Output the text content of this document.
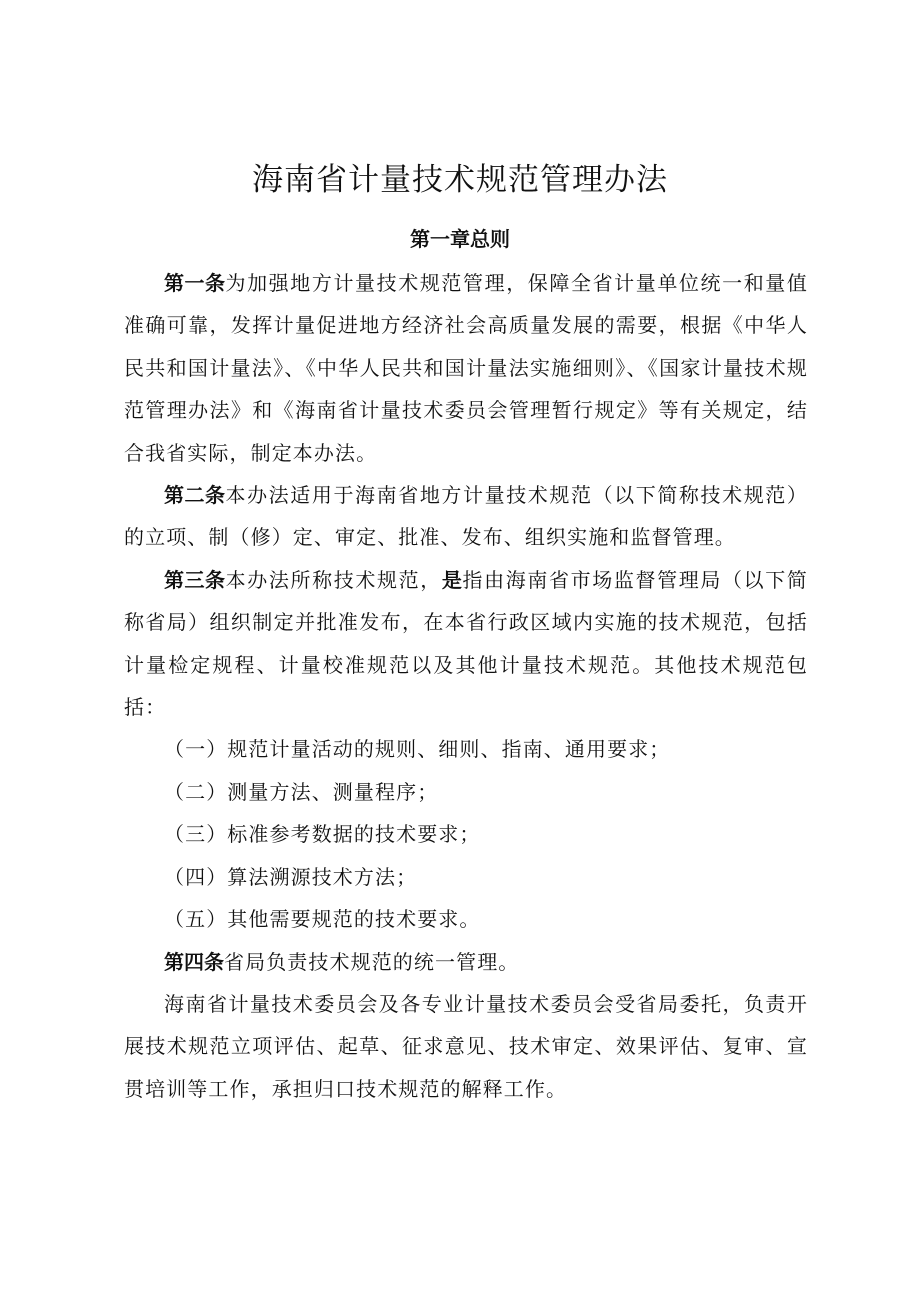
海南省计量技术规范管理办法
第一章总则

第一条为加强地方计量技术规范管理，保障全省计量单位统一和量值准确可靠，发挥计量促进地方经济社会高质量发展的需要，根据《中华人民共和国计量法》、《中华人民共和国计量法实施细则》、《国家计量技术规范管理办法》和《海南省计量技术委员会管理暂行规定》等有关规定，结合我省实际，制定本办法。

第二条本办法适用于海南省地方计量技术规范（以下简称技术规范）的立项、制（修）定、审定、批准、发布、组织实施和监督管理。

第三条本办法所称技术规范，是指由海南省市场监督管理局（以下简称省局）组织制定并批准发布，在本省行政区域内实施的技术规范，包括计量检定规程、计量校准规范以及其他计量技术规范。其他技术规范包括：

（一）规范计量活动的规则、细则、指南、通用要求；

（二）测量方法、测量程序；

（三）标准参考数据的技术要求；

（四）算法溯源技术方法；

（五）其他需要规范的技术要求。

第四条省局负责技术规范的统一管理。

海南省计量技术委员会及各专业计量技术委员会受省局委托，负责开展技术规范立项评估、起草、征求意见、技术审定、效果评估、复审、宣贯培训等工作，承担归口技术规范的解释工作。
